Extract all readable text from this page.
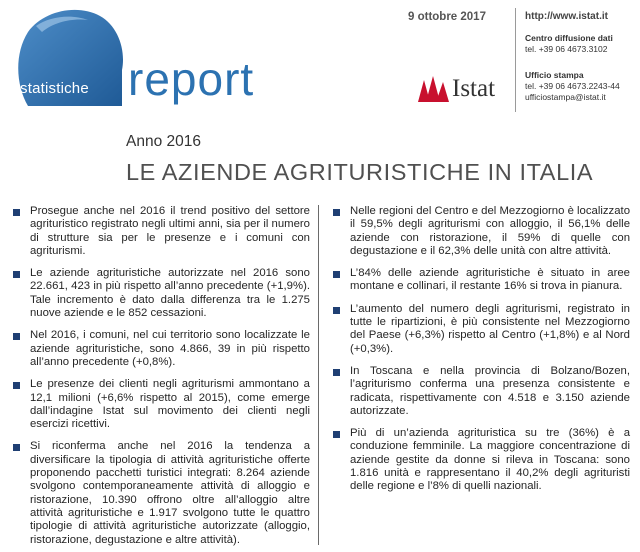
statistiche report
9 ottobre 2017
Istat
http://www.istat.it
Centro diffusione dati
tel. +39 06 4673.3102
Ufficio stampa
tel. +39 06 4673.2243-44
ufficiostampa@istat.it
Anno 2016
LE AZIENDE AGRITURISTICHE IN ITALIA
Prosegue anche nel 2016 il trend positivo del settore agrituristico registrato negli ultimi anni, sia per il numero di strutture sia per le presenze e i comuni con agriturismi.
Le aziende agrituristiche autorizzate nel 2016 sono 22.661, 423 in più rispetto all’anno precedente (+1,9%). Tale incremento è dato dalla differenza tra le 1.275 nuove aziende e le 852 cessazioni.
Nel 2016, i comuni, nel cui territorio sono localizzate le aziende agrituristiche, sono 4.866, 39 in più rispetto all’anno precedente (+0,8%).
Le presenze dei clienti negli agriturismi ammontano a 12,1 milioni (+6,6% rispetto al 2015), come emerge dall’indagine Istat sul movimento dei clienti negli esercizi ricettivi.
Si riconferma anche nel 2016 la tendenza a diversificare la tipologia di attività agrituristiche offerte proponendo pacchetti turistici integrati: 8.264 aziende svolgono contemporaneamente attività di alloggio e ristorazione, 10.390 offrono oltre all’alloggio altre attività agrituristiche e 1.917 svolgono tutte le quattro tipologie di attività agrituristiche autorizzate (alloggio, ristorazione, degustazione e altre attività).
Nelle regioni del Centro e del Mezzogiorno è localizzato il 59,5% degli agriturismi con alloggio, il 56,1% delle aziende con ristorazione, il 59% di quelle con degustazione e il 62,3% delle unità con altre attività.
L’84% delle aziende agrituristiche è situato in aree montane e collinari, il restante 16% si trova in pianura.
L’aumento del numero degli agriturismi, registrato in tutte le ripartizioni, è più consistente nel Mezzogiorno del Paese (+6,3%) rispetto al Centro (+1,8%) e al Nord (+0,3%).
In Toscana e nella provincia di Bolzano/Bozen, l’agriturismo conferma una presenza consistente e radicata, rispettivamente con 4.518 e 3.150 aziende autorizzate.
Più di un’azienda agrituristica su tre (36%) è a conduzione femminile. La maggiore concentrazione di aziende gestite da donne si rileva in Toscana: sono 1.816 unità e rappresentano il 40,2% degli agrituristi delle regione e l’8% di quelli nazionali.
